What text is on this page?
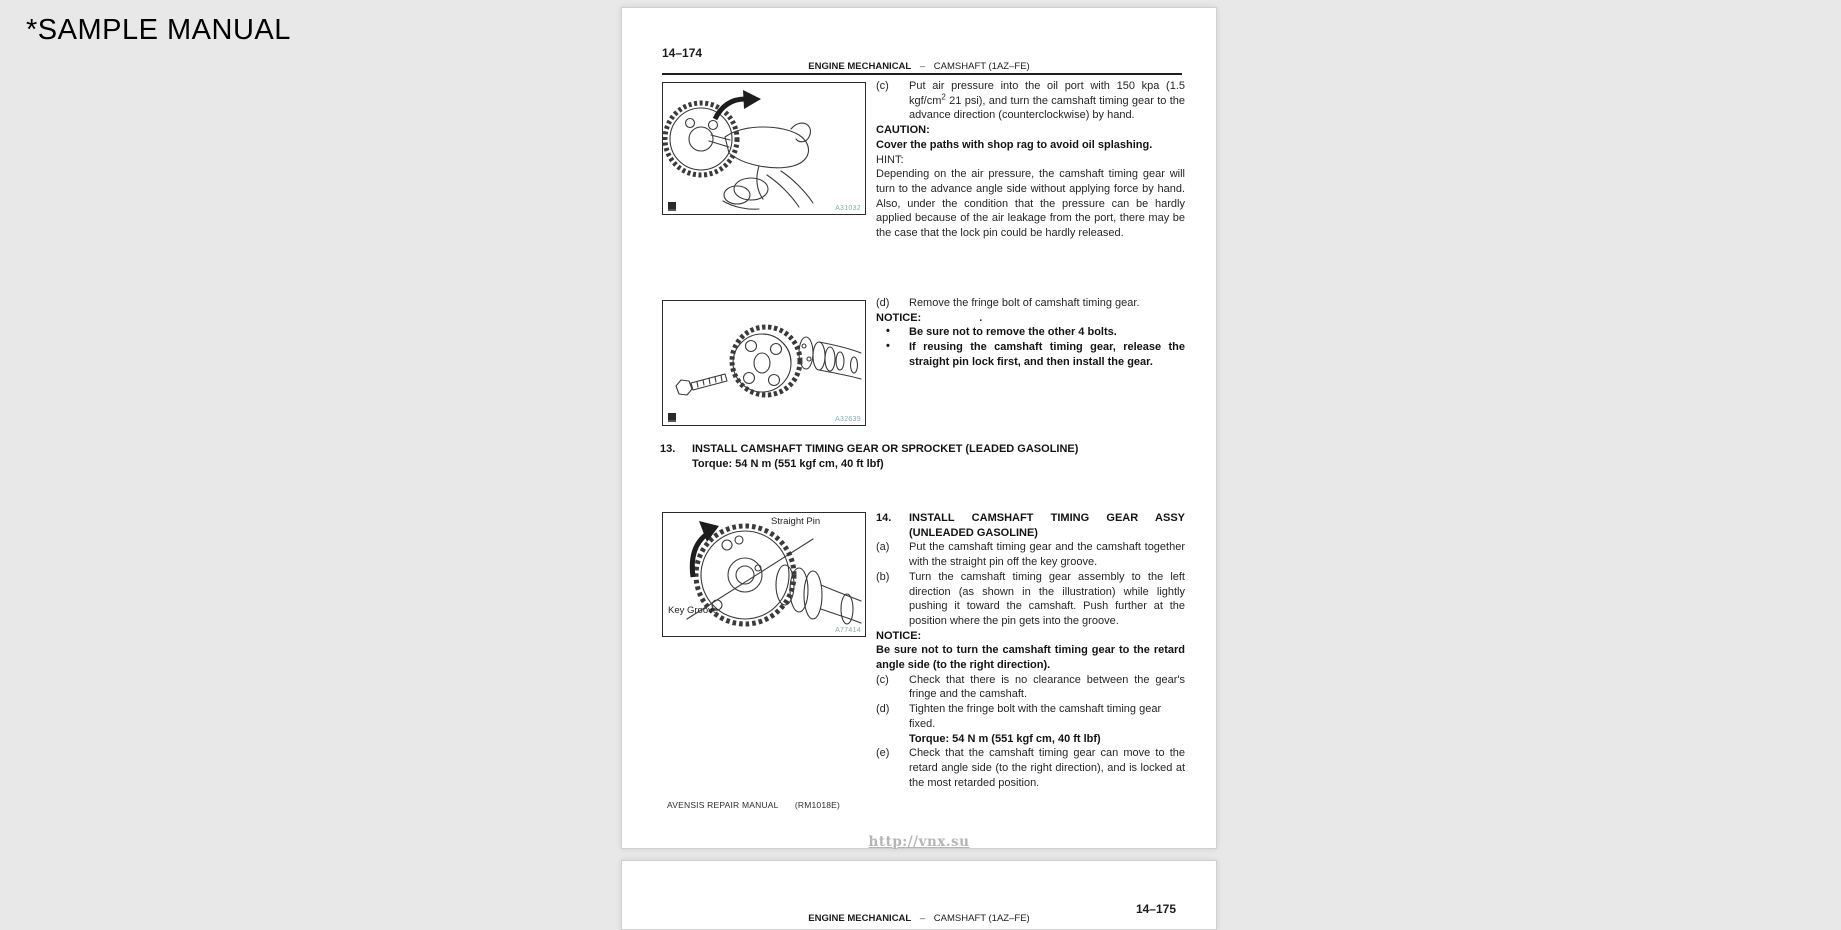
*SAMPLE MANUAL
14–174
ENGINE MECHANICAL – CAMSHAFT (1AZ–FE)
A31032
(c) Put air pressure into the oil port with 150 kpa (1.5 kgf/$cm^2$ 21 psi), and turn the camshaft timing gear to the advance direction (counterclockwise) by hand.
CAUTION:
Cover the paths with shop rag to avoid oil splashing.
HINT:
Depending on the air pressure, the camshaft timing gear will turn to the advance angle side without applying force by hand. Also, under the condition that the pressure can be hardly applied because of the air leakage from the port, there may be the case that the lock pin could be hardly released.
A32639
(d) Remove the fringe bolt of camshaft timing gear.
NOTICE:	.
• Be sure not to remove the other 4 bolts.
• If reusing the camshaft timing gear, release the straight pin lock first, and then install the gear.
13. INSTALL CAMSHAFT TIMING GEAR OR SPROCKET (LEADED GASOLINE)
Torque: 54 N m (551 kgf cm, 40 ft lbf)
Straight Pin
Key Groove
A77414
14. INSTALL CAMSHAFT TIMING GEAR ASSY (UNLEADED GASOLINE)
(a) Put the camshaft timing gear and the camshaft together with the straight pin off the key groove.
(b) Turn the camshaft timing gear assembly to the left direction (as shown in the illustration) while lightly pushing it toward the camshaft. Push further at the position where the pin gets into the groove.
NOTICE:
Be sure not to turn the camshaft timing gear to the retard angle side (to the right direction).
(c) Check that there is no clearance between the gear's fringe and the camshaft.
(d) Tighten the fringe bolt with the camshaft timing gear fixed.
Torque: 54 N m (551 kgf cm, 40 ft lbf)
(e) Check that the camshaft timing gear can move to the retard angle side (to the right direction), and is locked at the most retarded position.
AVENSIS REPAIR MANUAL (RM1018E)
http://vnx.su
14–175
ENGINE MECHANICAL – CAMSHAFT (1AZ–FE)
